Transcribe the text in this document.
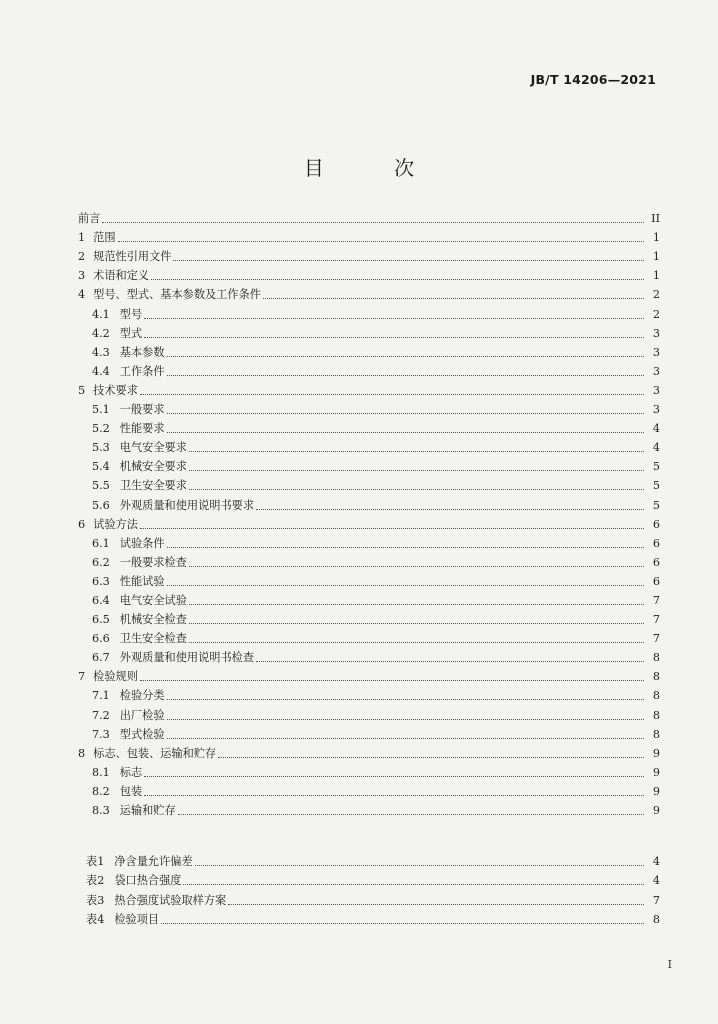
JB/T 14206—2021
目 次
前言	II
1 范围	1
2 规范性引用文件	1
3 术语和定义	1
4 型号、型式、基本参数及工作条件	2
4.1 型号	2
4.2 型式	3
4.3 基本参数	3
4.4 工作条件	3
5 技术要求	3
5.1 一般要求	3
5.2 性能要求	4
5.3 电气安全要求	4
5.4 机械安全要求	5
5.5 卫生安全要求	5
5.6 外观质量和使用说明书要求	5
6 试验方法	6
6.1 试验条件	6
6.2 一般要求检查	6
6.3 性能试验	6
6.4 电气安全试验	7
6.5 机械安全检查	7
6.6 卫生安全检查	7
6.7 外观质量和使用说明书检查	8
7 检验规则	8
7.1 检验分类	8
7.2 出厂检验	8
7.3 型式检验	8
8 标志、包装、运输和贮存	9
8.1 标志	9
8.2 包装	9
8.3 运输和贮存	9
表1 净含量允许偏差	4
表2 袋口热合强度	4
表3 热合强度试验取样方案	7
表4 检验项目	8
I
